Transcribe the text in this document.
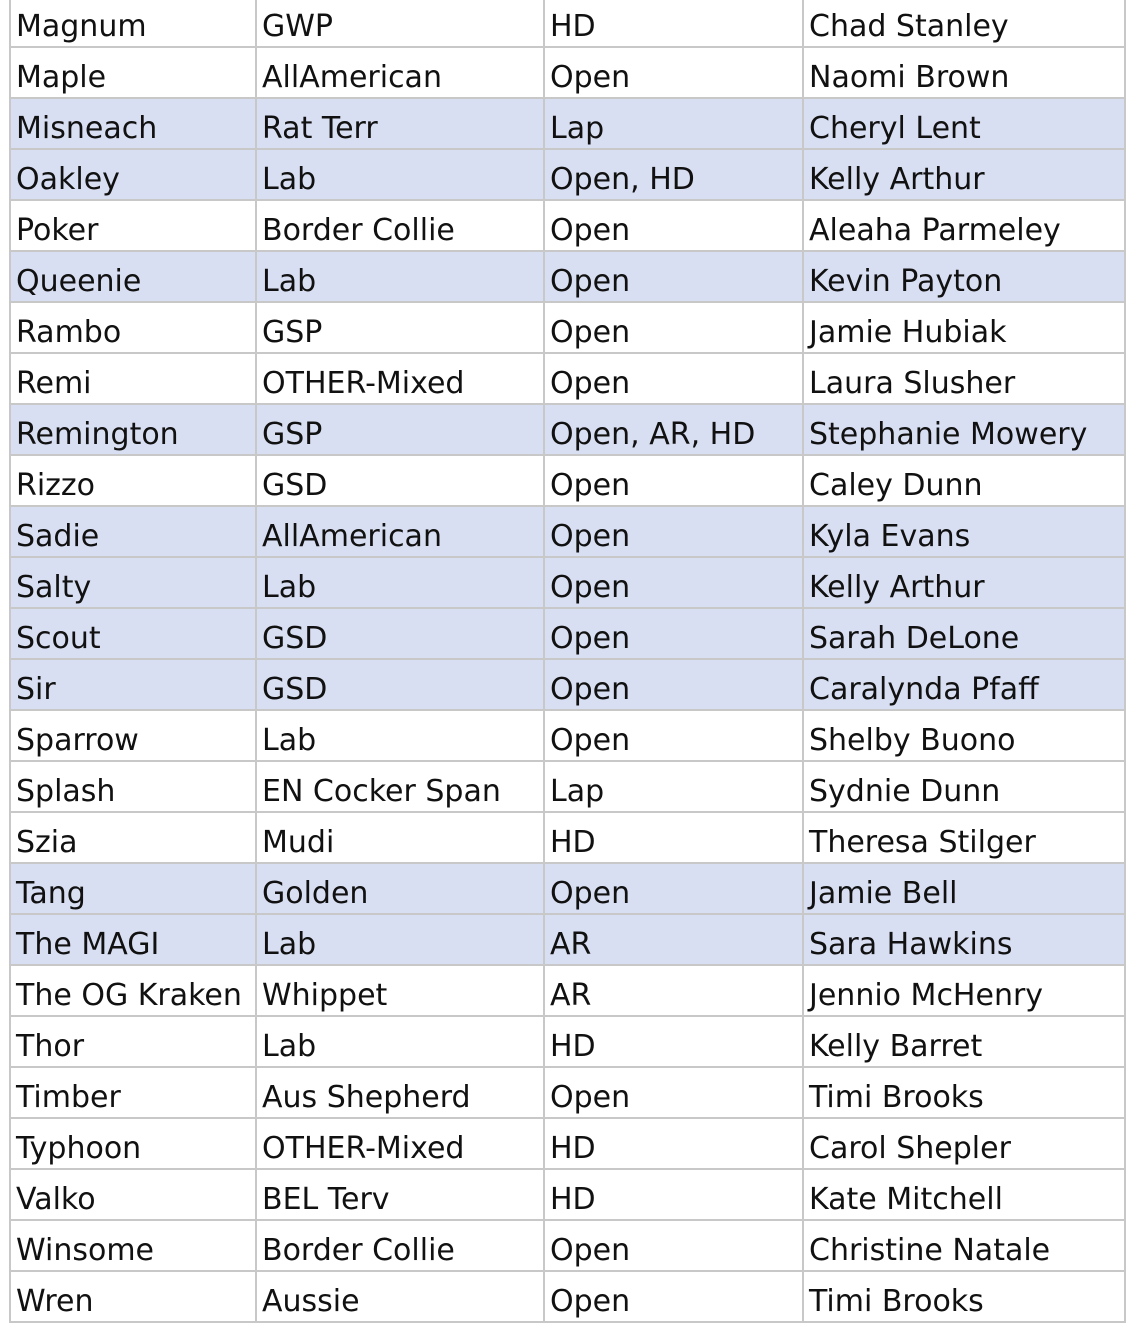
Magnum	GWP	HD	Chad Stanley
Maple	AllAmerican	Open	Naomi Brown
Misneach	Rat Terr	Lap	Cheryl Lent
Oakley	Lab	Open, HD	Kelly Arthur
Poker	Border Collie	Open	Aleaha Parmeley
Queenie	Lab	Open	Kevin Payton
Rambo	GSP	Open	Jamie Hubiak
Remi	OTHER-Mixed	Open	Laura Slusher
Remington	GSP	Open, AR, HD	Stephanie Mowery
Rizzo	GSD	Open	Caley Dunn
Sadie	AllAmerican	Open	Kyla Evans
Salty	Lab	Open	Kelly Arthur
Scout	GSD	Open	Sarah DeLone
Sir	GSD	Open	Caralynda Pfaff
Sparrow	Lab	Open	Shelby Buono
Splash	EN Cocker Span	Lap	Sydnie Dunn
Szia	Mudi	HD	Theresa Stilger
Tang	Golden	Open	Jamie Bell
The MAGI	Lab	AR	Sara Hawkins
The OG Kraken	Whippet	AR	Jennio McHenry
Thor	Lab	HD	Kelly Barret
Timber	Aus Shepherd	Open	Timi Brooks
Typhoon	OTHER-Mixed	HD	Carol Shepler
Valko	BEL Terv	HD	Kate Mitchell
Winsome	Border Collie	Open	Christine Natale
Wren	Aussie	Open	Timi Brooks
